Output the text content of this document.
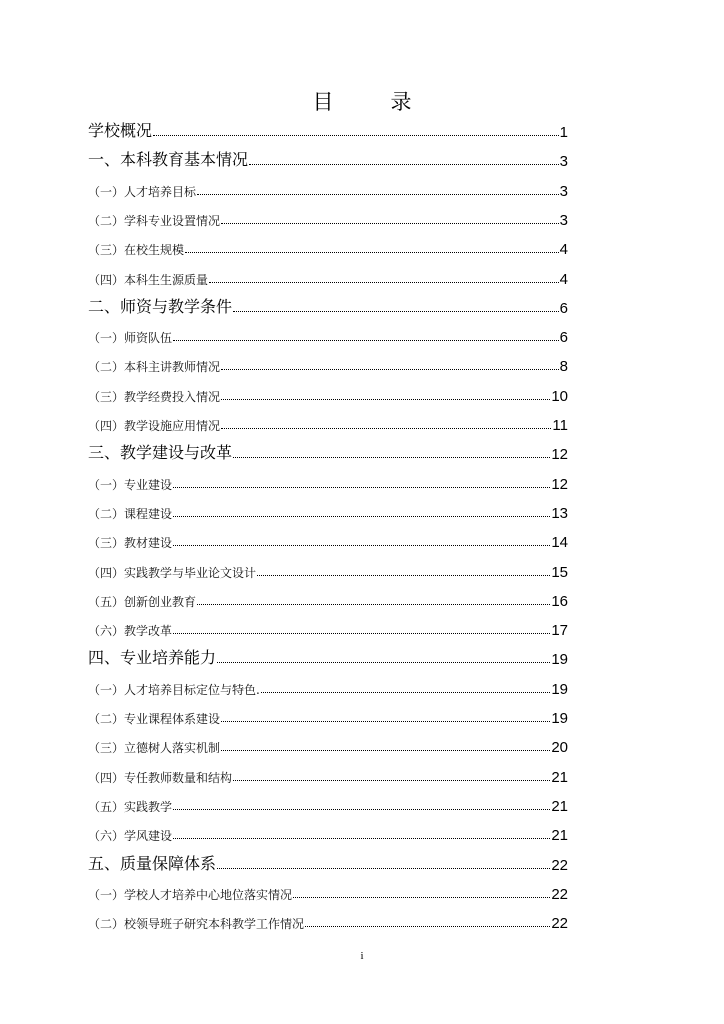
目　录
学校概况	1
一、本科教育基本情况	3
（一）人才培养目标	3
（二）学科专业设置情况	3
（三）在校生规模	4
（四）本科生生源质量	4
二、师资与教学条件	6
（一）师资队伍	6
（二）本科主讲教师情况	8
（三）教学经费投入情况	10
（四）教学设施应用情况	11
三、教学建设与改革	12
（一）专业建设	12
（二）课程建设	13
（三）教材建设	14
（四）实践教学与毕业论文设计	15
（五）创新创业教育	16
（六）教学改革	17
四、专业培养能力	19
（一）人才培养目标定位与特色.	19
（二）专业课程体系建设	19
（三）立德树人落实机制	20
（四）专任教师数量和结构	21
（五）实践教学	21
（六）学风建设	21
五、质量保障体系	22
（一）学校人才培养中心地位落实情况	22
（二）校领导班子研究本科教学工作情况	22
i
